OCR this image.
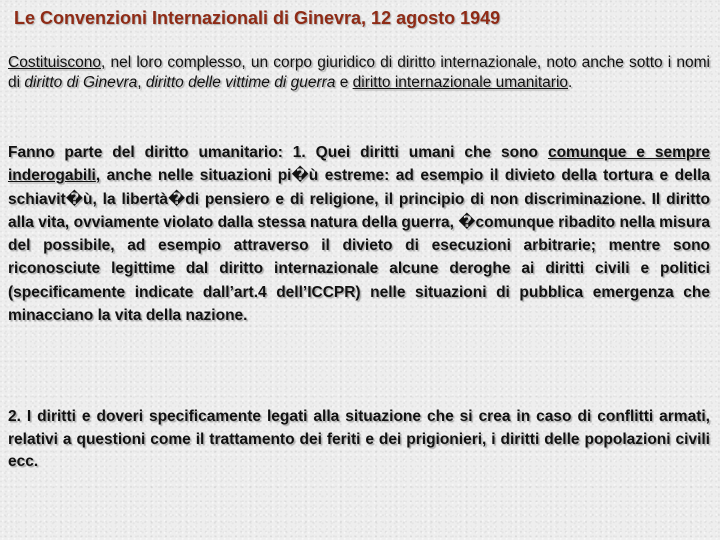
Le Convenzioni Internazionali di Ginevra, 12 agosto 1949
Costituiscono, nel loro complesso, un corpo giuridico di diritto internazionale, noto anche sotto i nomi di diritto di Ginevra, diritto delle vittime di guerra e diritto internazionale umanitario.
Fanno parte del diritto umanitario: 1. Quei diritti umani che sono comunque e sempre inderogabili, anche nelle situazioni pi�ù estreme: ad esempio il divieto della tortura e della schiavit�ù, la libertà�di pensiero e di religione, il principio di non discriminazione. Il diritto alla vita, ovviamente violato dalla stessa natura della guerra, �comunque ribadito nella misura del possibile, ad esempio attraverso il divieto di esecuzioni arbitrarie; mentre sono riconosciute legittime dal diritto internazionale alcune deroghe ai diritti civili e politici (specificamente indicate dall’art.4 dell’ICCPR) nelle situazioni di pubblica emergenza che minacciano la vita della nazione.
2. I diritti e doveri specificamente legati alla situazione che si crea in caso di conflitti armati, relativi a questioni come il trattamento dei feriti e dei prigionieri, i diritti delle popolazioni civili ecc.
